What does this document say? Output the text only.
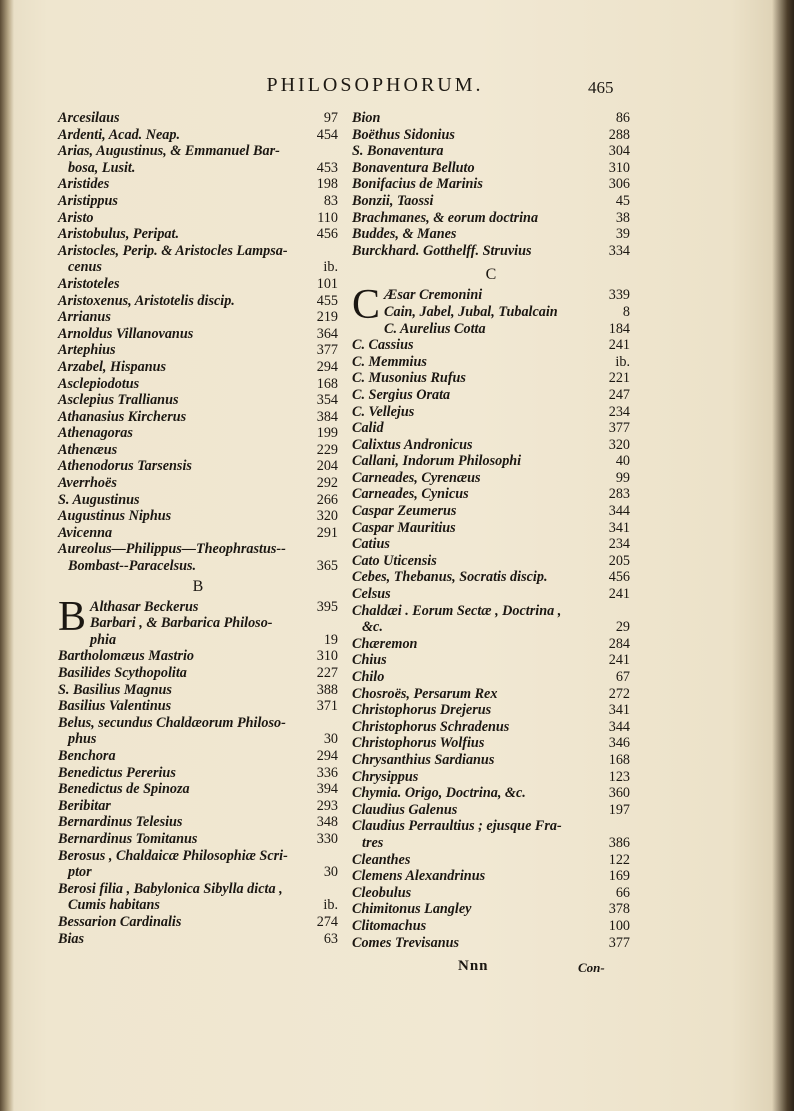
PHILOSOPHORUM.	465
Arcesilaus	97
Ardenti, Acad. Neap.	454
Arias, Augustinus, & Emmanuel Bar-
bosa, Lusit.	453
Aristides	198
Aristippus	83
Aristo	110
Aristobulus, Peripat.	456
Aristocles, Perip. & Aristocles Lampsa-
cenus	ib.
Aristoteles	101
Aristoxenus, Aristotelis discip.	455
Arrianus	219
Arnoldus Villanovanus	364
Artephius	377
Arzabel, Hispanus	294
Asclepiodotus	168
Asclepius Trallianus	354
Athanasius Kircherus	384
Athenagoras	199
Athenæus	229
Athenodorus Tarsensis	204
Averrhoës	292
S. Augustinus	266
Augustinus Niphus	320
Avicenna	291
Aureolus—Philippus—Theophrastus--
Bombast--Paracelsus.	365
B
B Althasar Beckerus	395
Barbari , & Barbarica Philoso-
phia	19
Bartholomæus Mastrio	310
Basilides Scythopolita	227
S. Basilius Magnus	388
Basilius Valentinus	371
Belus, secundus Chaldæorum Philoso-
phus	30
Benchora	294
Benedictus Pererius	336
Benedictus de Spinoza	394
Beribitar	293
Bernardinus Telesius	348
Bernardinus Tomitanus	330
Berosus , Chaldaicæ Philosophiæ Scri-
ptor	30
Berosi filia , Babylonica Sibylla dicta ,
Cumis habitans	ib.
Bessarion Cardinalis	274
Bias	63
Bion	86
Boëthus Sidonius	288
S. Bonaventura	304
Bonaventura Belluto	310
Bonifacius de Marinis	306
Bonzii, Taossi	45
Brachmanes, & eorum doctrina	38
Buddes, & Manes	39
Burckhard. Gotthelff. Struvius	334
C
C Æsar Cremonini	339
Cain, Jabel, Jubal, Tubalcain	8
C. Aurelius Cotta	184
C. Cassius	241
C. Memmius	ib.
C. Musonius Rufus	221
C. Sergius Orata	247
C. Vellejus	234
Calid	377
Calixtus Andronicus	320
Callani, Indorum Philosophi	40
Carneades, Cyrenæus	99
Carneades, Cynicus	283
Caspar Zeumerus	344
Caspar Mauritius	341
Catius	234
Cato Uticensis	205
Cebes, Thebanus, Socratis discip.	456
Celsus	241
Chaldæi . Eorum Sectæ , Doctrina ,
&c.	29
Chæremon	284
Chius	241
Chilo	67
Chosroës, Persarum Rex	272
Christophorus Drejerus	341
Christophorus Schradenus	344
Christophorus Wolfius	346
Chrysanthius Sardianus	168
Chrysippus	123
Chymia. Origo, Doctrina, &c.	360
Claudius Galenus	197
Claudius Perraultius ; ejusque Fra-
tres	386
Cleanthes	122
Clemens Alexandrinus	169
Cleobulus	66
Chimitonus Langley	378
Clitomachus	100
Comes Trevisanus	377
Nnn	Con-
